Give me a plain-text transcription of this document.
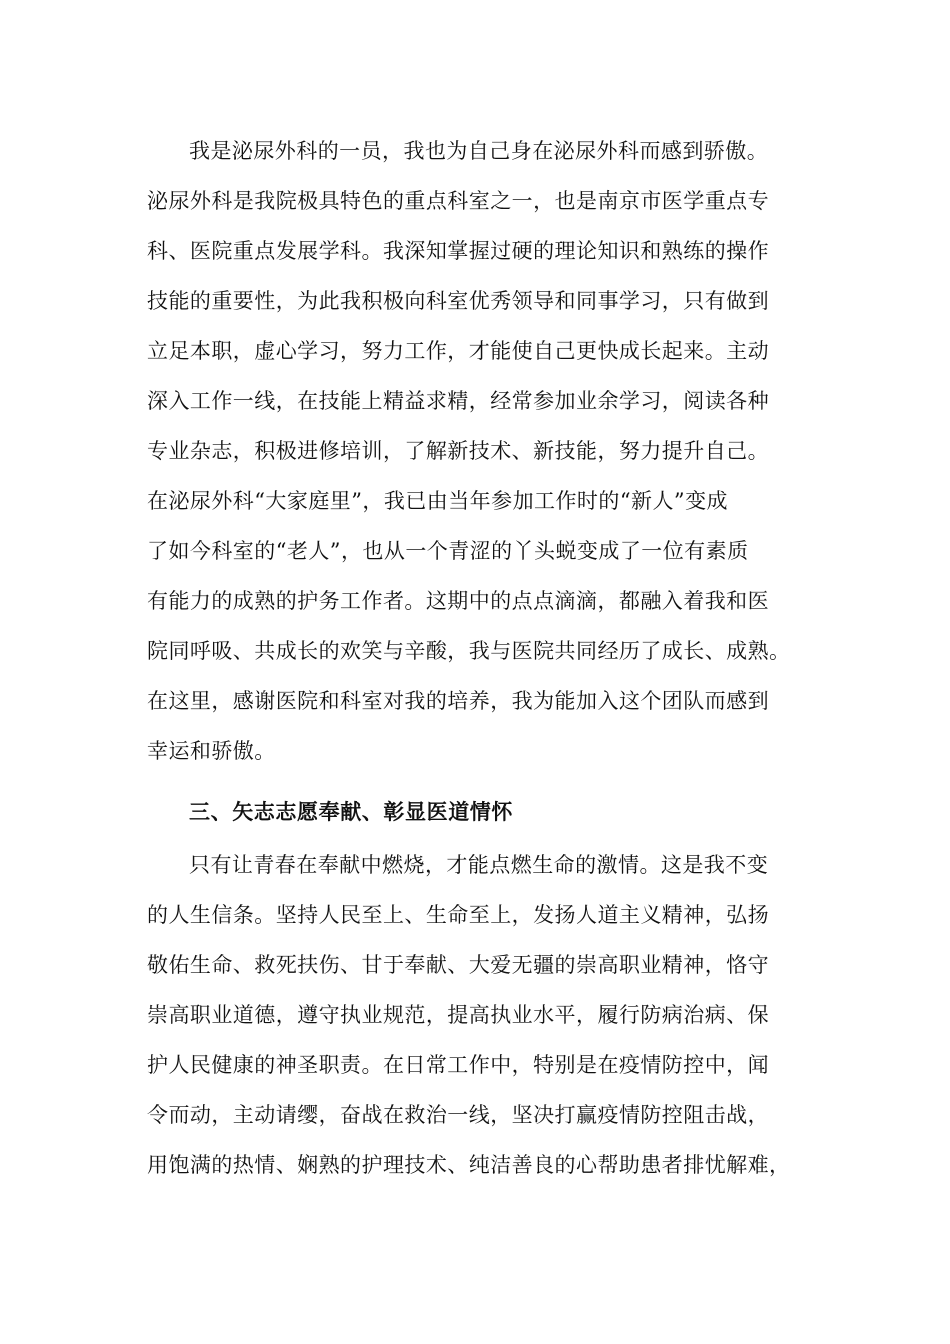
我是泌尿外科的一员，我也为自己身在泌尿外科而感到骄傲。
泌尿外科是我院极具特色的重点科室之一，也是南京市医学重点专
科、医院重点发展学科。我深知掌握过硬的理论知识和熟练的操作
技能的重要性，为此我积极向科室优秀领导和同事学习，只有做到
立足本职，虚心学习，努力工作，才能使自己更快成长起来。主动
深入工作一线，在技能上精益求精，经常参加业余学习，阅读各种
专业杂志，积极进修培训，了解新技术、新技能，努力提升自己。
在泌尿外科“大家庭里”，我已由当年参加工作时的“新人”变成
了如今科室的“老人”，也从一个青涩的丫头蜕变成了一位有素质
有能力的成熟的护务工作者。这期中的点点滴滴，都融入着我和医
院同呼吸、共成长的欢笑与辛酸，我与医院共同经历了成长、成熟。
在这里，感谢医院和科室对我的培养，我为能加入这个团队而感到
幸运和骄傲。
三、矢志志愿奉献、彰显医道情怀
只有让青春在奉献中燃烧，才能点燃生命的激情。这是我不变
的人生信条。坚持人民至上、生命至上，发扬人道主义精神，弘扬
敬佑生命、救死扶伤、甘于奉献、大爱无疆的崇高职业精神，恪守
崇高职业道德，遵守执业规范，提高执业水平，履行防病治病、保
护人民健康的神圣职责。在日常工作中，特别是在疫情防控中，闻
令而动，主动请缨，奋战在救治一线，坚决打赢疫情防控阻击战，
用饱满的热情、娴熟的护理技术、纯洁善良的心帮助患者排忧解难，
